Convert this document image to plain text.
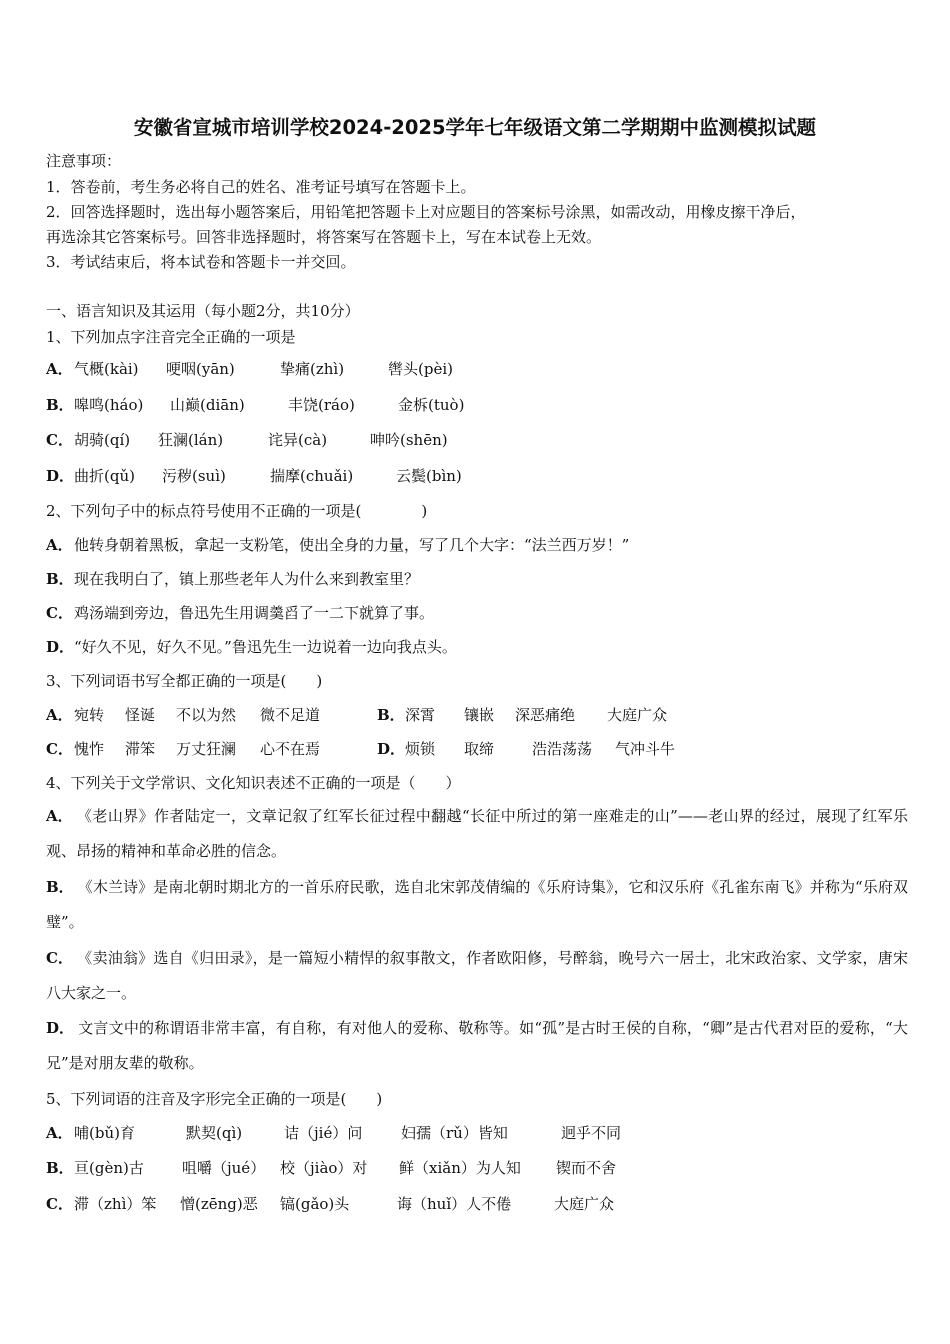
安徽省宣城市培训学校2024-2025学年七年级语文第二学期期中监测模拟试题
注意事项：
1．答卷前，考生务必将自己的姓名、准考证号填写在答题卡上。
2．回答选择题时，选出每小题答案后，用铅笔把答题卡上对应题目的答案标号涂黑，如需改动，用橡皮擦干净后，
再选涂其它答案标号。回答非选择题时，将答案写在答题卡上，写在本试卷上无效。
3．考试结束后，将本试卷和答题卡一并交回。
一、语言知识及其运用（每小题2分，共10分）
1、下列加点字注音完全正确的一项是
A． 气概(kài) 哽咽(yān)	挚痛(zhì)	辔头(pèi)
B． 嗥鸣(háo) 山巅(diān)	丰饶(ráo)	金柝(tuò)
C． 胡骑(qí) 狂澜(lán)	诧异(cà)	呻吟(shēn)
D． 曲折(qǔ) 污秽(suì)	揣摩(chuǎi)	云鬓(bìn)
2、下列句子中的标点符号使用不正确的一项是(　　　　)
A．他转身朝着黑板，拿起一支粉笔，使出全身的力量，写了几个大字：“法兰西万岁！”
B．现在我明白了，镇上那些老年人为什么来到教室里？
C．鸡汤端到旁边，鲁迅先生用调羹舀了一二下就算了事。
D．“好久不见，好久不见。”鲁迅先生一边说着一边向我点头。
3、下列词语书写全都正确的一项是(　　)
A． 宛转 怪诞 不以为然 微不足道	B． 深霄 镶嵌 深恶痛绝 大庭广众
C． 愧怍 滞笨 万丈狂澜 心不在焉	D． 烦锁 取缔	浩浩荡荡 气冲斗牛
4、下列关于文学常识、文化知识表述不正确的一项是（　　）
A． 《老山界》作者陆定一，文章记叙了红军长征过程中翻越“长征中所过的第一座难走的山”——老山界的经过，展现了红军乐观、昂扬的精神和革命必胜的信念。
B． 《木兰诗》是南北朝时期北方的一首乐府民歌，选自北宋郭茂倩编的《乐府诗集》，它和汉乐府《孔雀东南飞》并称为“乐府双璧”。
C． 《卖油翁》选自《归田录》，是一篇短小精悍的叙事散文，作者欧阳修，号醉翁，晚号六一居士，北宋政治家、文学家，唐宋八大家之一。
D． 文言文中的称谓语非常丰富，有自称，有对他人的爱称、敬称等。如“孤”是古时王侯的自称，“卿”是古代君对臣的爱称，“大兄”是对朋友辈的敬称。
5、下列词语的注音及字形完全正确的一项是(　　)
A． 哺(bǔ)育	默契(qì)	诘（jié）问	妇孺（rǔ）皆知	迥乎不同
B． 亘(gèn)古	咀嚼（jué） 校（jiào）对 鲜（xiǎn）为人知 锲而不舍
C． 滞（zhì）笨 憎(zēng)恶 镐(gǎo)头	诲（huǐ）人不倦	大庭广众
